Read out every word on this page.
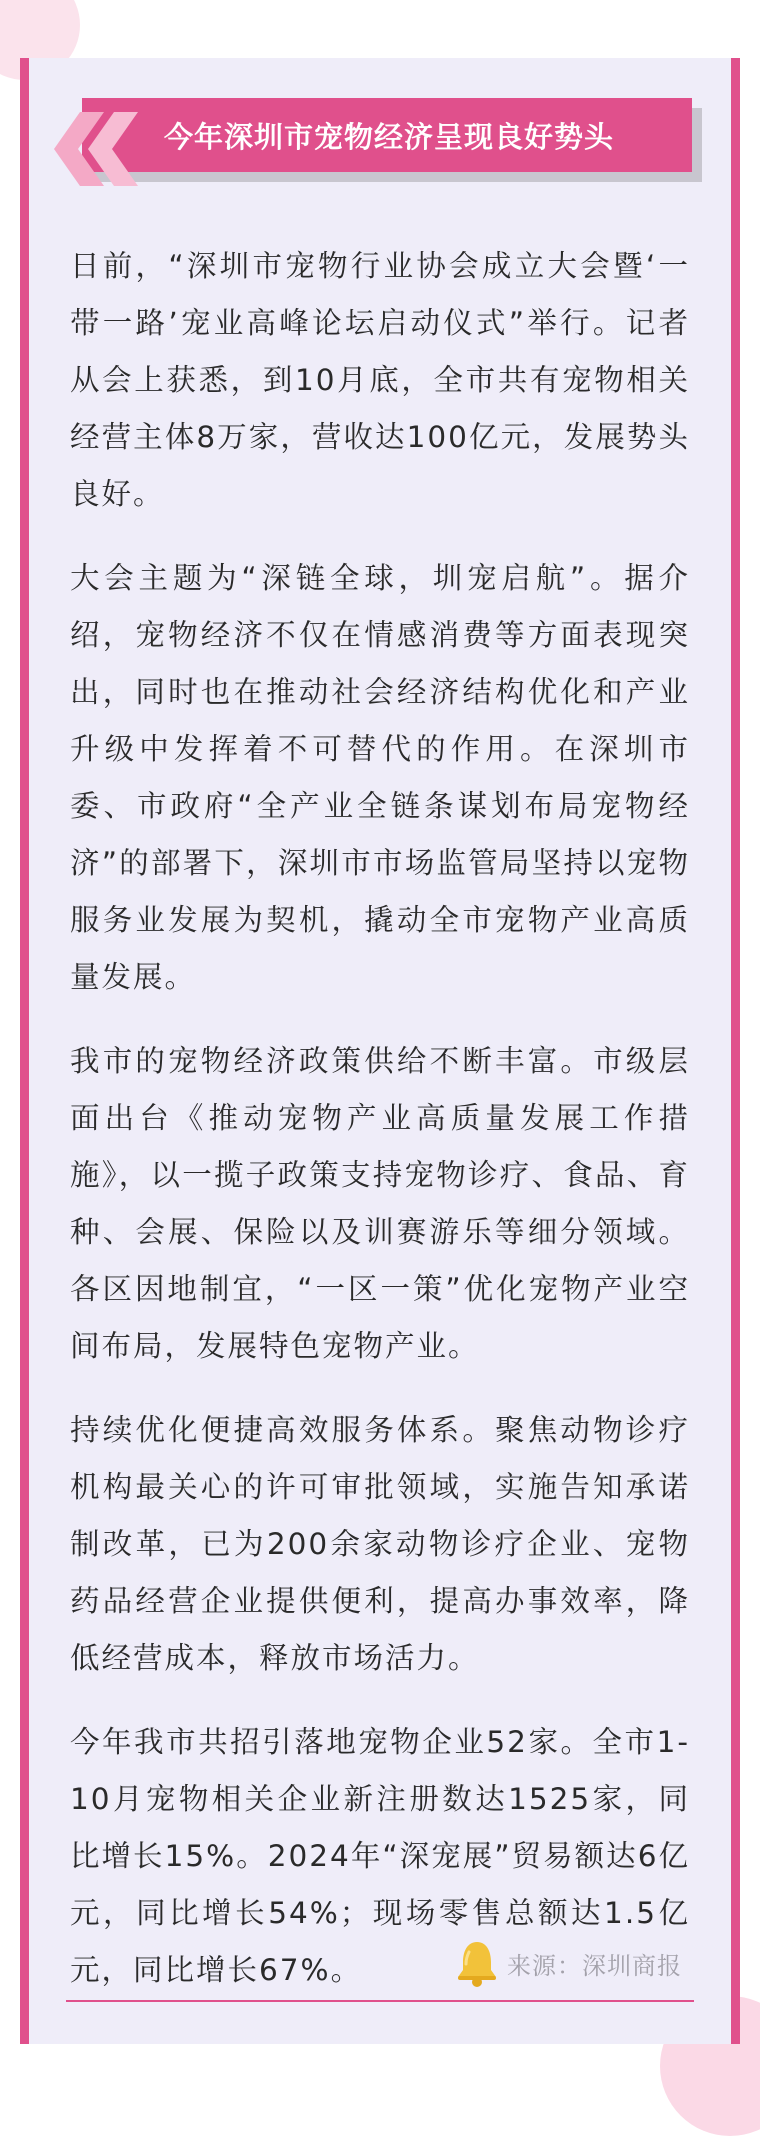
今年深圳市宠物经济呈现良好势头

日前，“深圳市宠物行业协会成立大会暨‘一带一路’宠业高峰论坛启动仪式”举行。记者从会上获悉，到10月底，全市共有宠物相关经营主体8万家，营收达100亿元，发展势头良好。

大会主题为“深链全球，圳宠启航”。据介绍，宠物经济不仅在情感消费等方面表现突出，同时也在推动社会经济结构优化和产业升级中发挥着不可替代的作用。在深圳市委、市政府“全产业全链条谋划布局宠物经济”的部署下，深圳市市场监管局坚持以宠物服务业发展为契机，撬动全市宠物产业高质量发展。

我市的宠物经济政策供给不断丰富。市级层面出台《推动宠物产业高质量发展工作措施》，以一揽子政策支持宠物诊疗、食品、育种、会展、保险以及训赛游乐等细分领域。各区因地制宜，“一区一策”优化宠物产业空间布局，发展特色宠物产业。

持续优化便捷高效服务体系。聚焦动物诊疗机构最关心的许可审批领域，实施告知承诺制改革，已为200余家动物诊疗企业、宠物药品经营企业提供便利，提高办事效率，降低经营成本，释放市场活力。

今年我市共招引落地宠物企业52家。全市1-10月宠物相关企业新注册数达1525家，同比增长15%。2024年“深宠展”贸易额达6亿元，同比增长54%；现场零售总额达1.5亿元，同比增长67%。	来源：深圳商报
